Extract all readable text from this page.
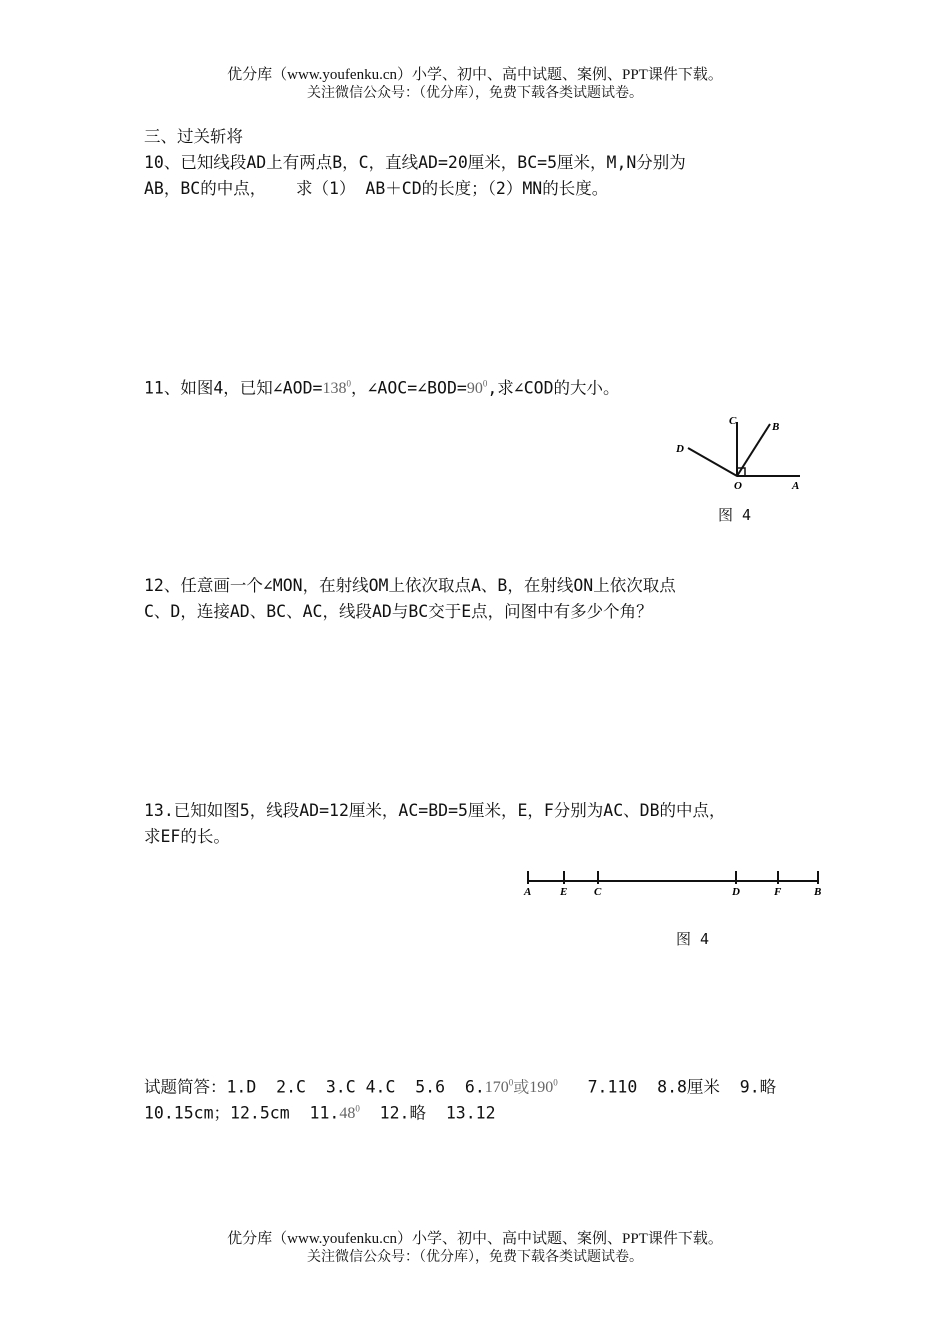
优分库（www.youfenku.cn）小学、初中、高中试题、案例、PPT课件下载。
关注微信公众号：（优分库），免费下载各类试题试卷。
三、过关斩将
10、已知线段AD上有两点B，C，直线AD=20厘米，BC=5厘米，M,N分别为
AB，BC的中点，   求（1） AB＋CD的长度；（2）MN的长度。
11、如图4，已知$\angle AOD=138^0$，$\angle AOC=\angle BOD=90^0$,求∠COD的大小。
C	B
D
O	A
图 4
12、任意画一个∠MON，在射线OM上依次取点A、B，在射线ON上依次取点
C、D，连接AD、BC、AC，线段AD与BC交于E点，问图中有多少个角？
13.已知如图5，线段AD=12厘米，AC=BD=5厘米，E，F分别为AC、DB的中点，
求EF的长。
A	E C	D	F	B
图 4
试题简答：1.D  2.C  3.C 4.C  5.6  6.170$^0$或$190^0$   7.110  8.8厘米  9.略
10.15cm；12.5cm  11.48$^0$  12.略  13.12
优分库（www.youfenku.cn）小学、初中、高中试题、案例、PPT课件下载。
关注微信公众号：（优分库），免费下载各类试题试卷。
